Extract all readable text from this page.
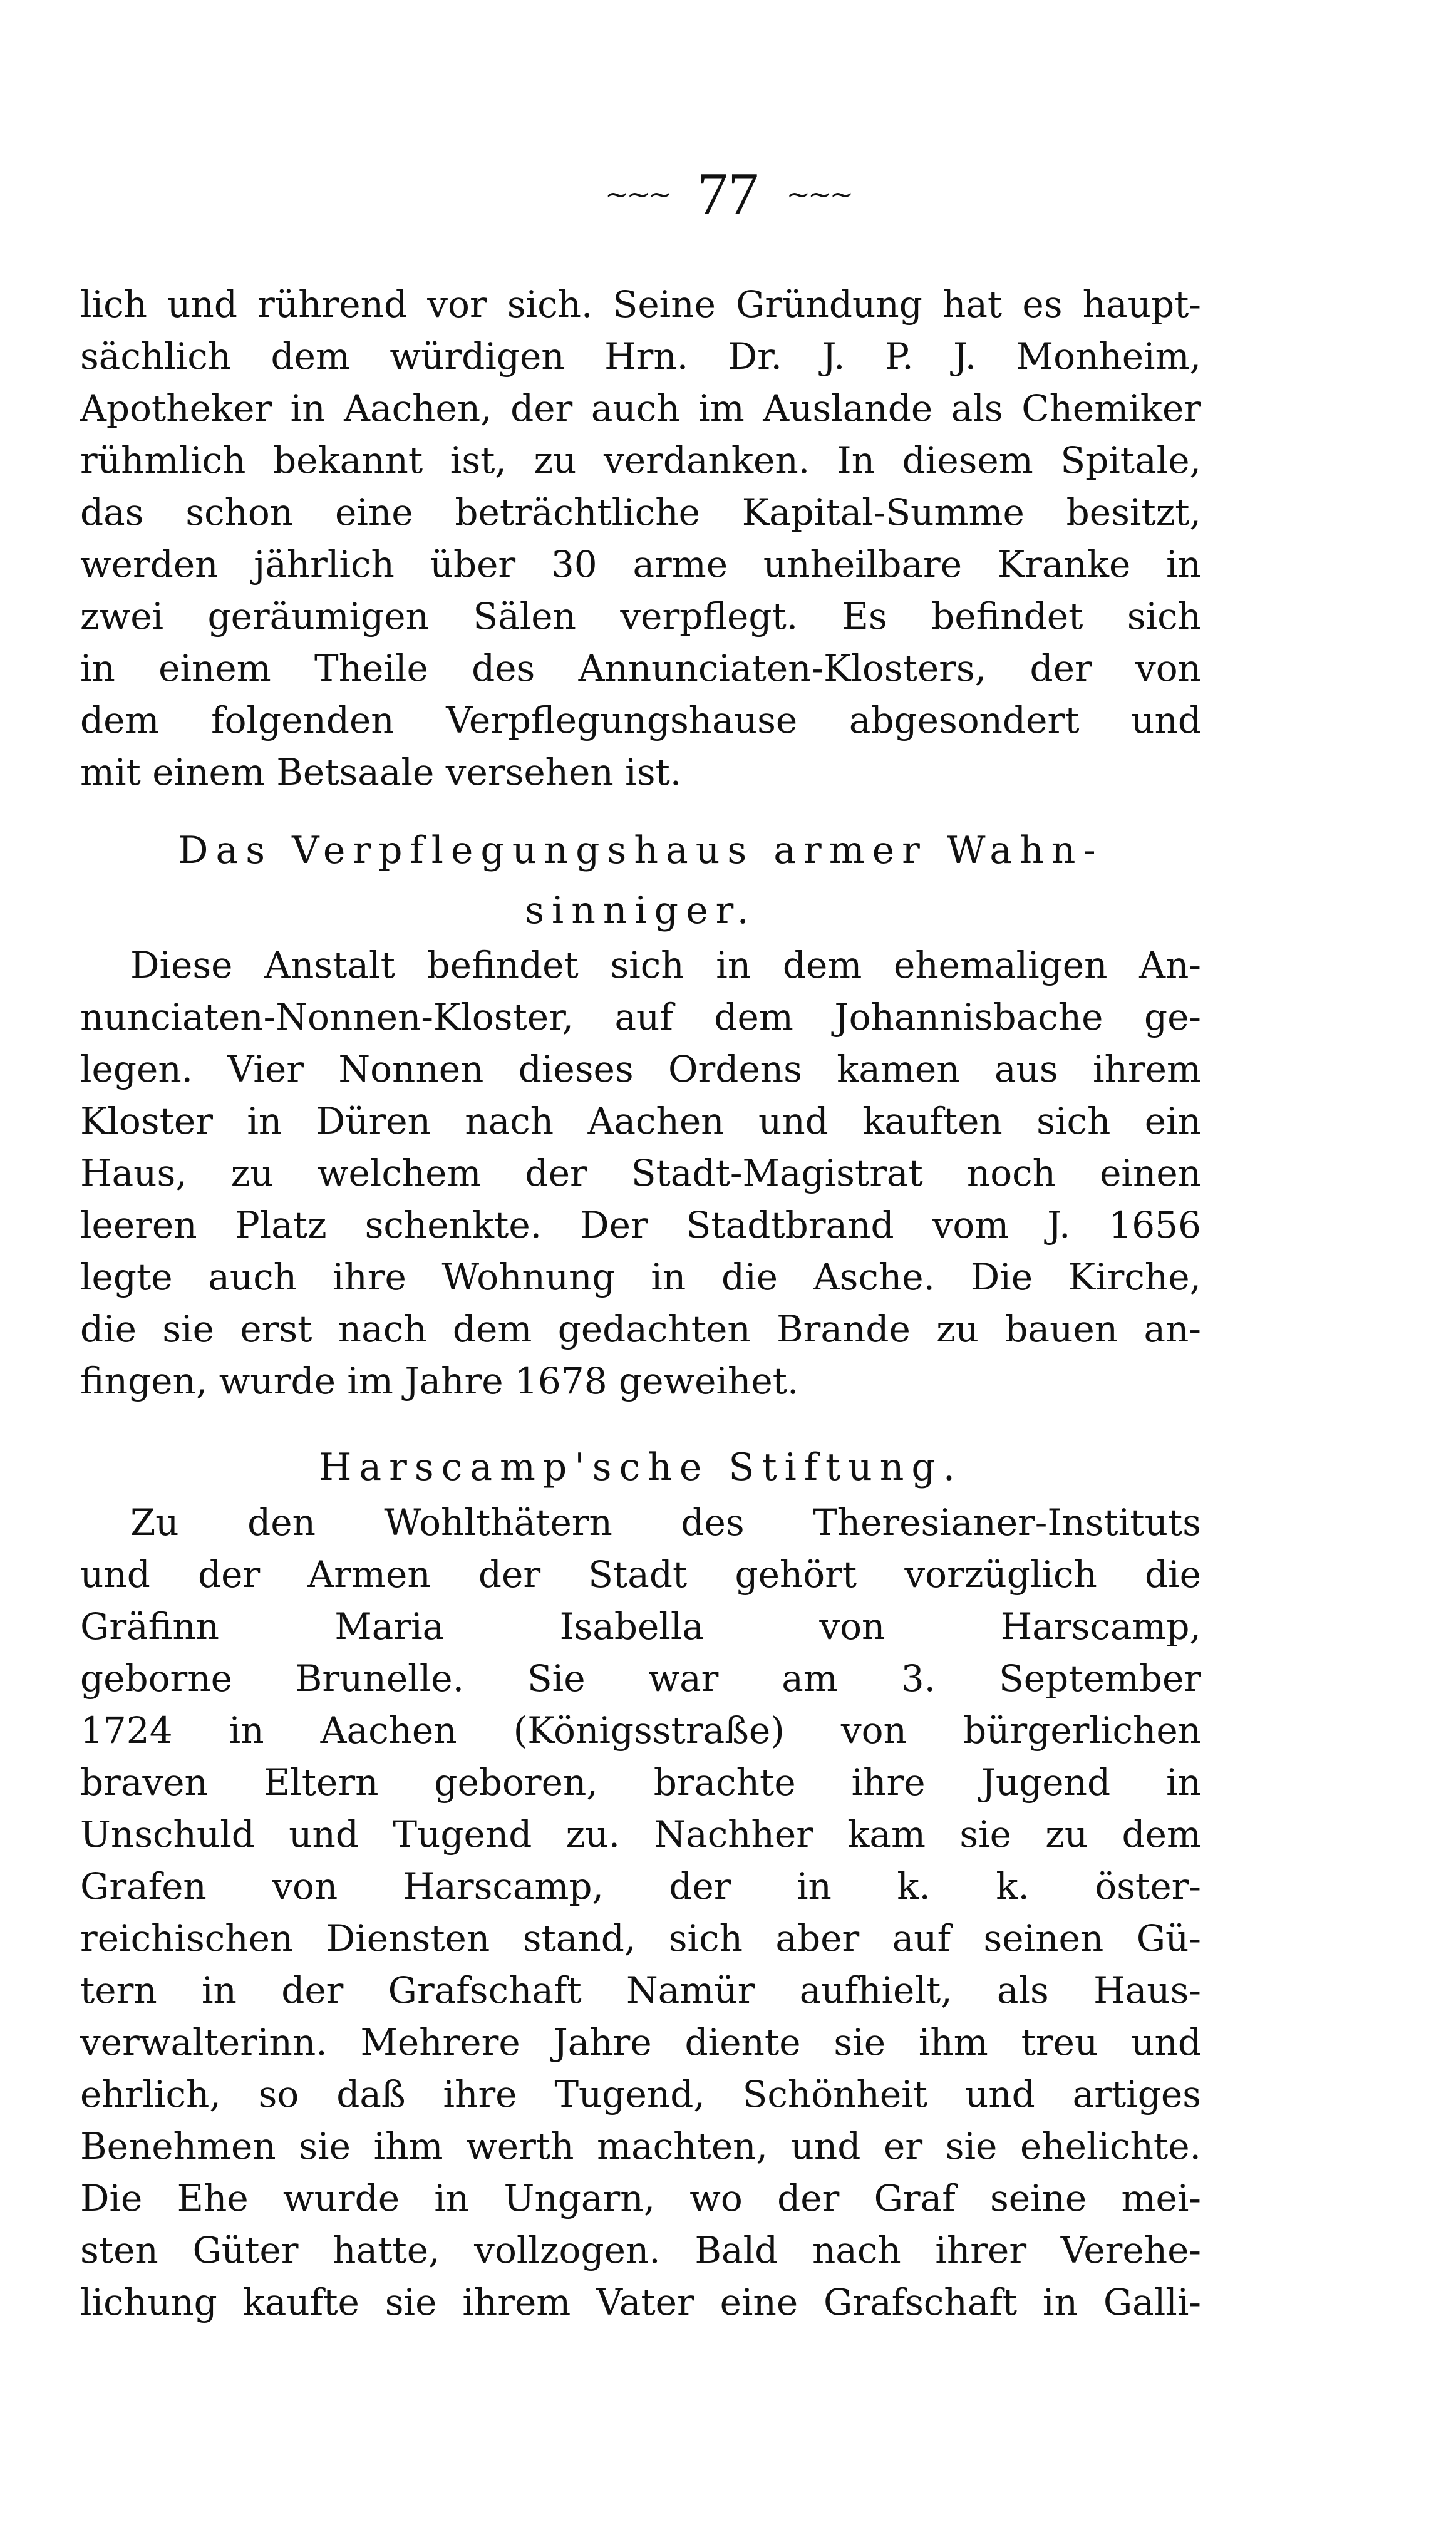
~~~ 77 ~~~
lich und rührend vor sich. Seine Gründung hat es haupt-
sächlich dem würdigen Hrn. Dr. J. P. J. Monheim,
Apotheker in Aachen, der auch im Auslande als Chemiker
rühmlich bekannt ist, zu verdanken. In diesem Spitale,
das schon eine beträchtliche Kapital-Summe besitzt,
werden jährlich über 30 arme unheilbare Kranke in
zwei geräumigen Sälen verpflegt. Es befindet sich
in einem Theile des Annunciaten-Klosters, der von
dem folgenden Verpflegungshause abgesondert und
mit einem Betsaale versehen ist.
Das Verpflegungshaus armer Wahn-
sinniger.
Diese Anstalt befindet sich in dem ehemaligen An-
nunciaten-Nonnen-Kloster, auf dem Johannisbache ge-
legen. Vier Nonnen dieses Ordens kamen aus ihrem
Kloster in Düren nach Aachen und kauften sich ein
Haus, zu welchem der Stadt-Magistrat noch einen
leeren Platz schenkte. Der Stadtbrand vom J. 1656
legte auch ihre Wohnung in die Asche. Die Kirche,
die sie erst nach dem gedachten Brande zu bauen an-
fingen, wurde im Jahre 1678 geweihet.
Harscamp'sche Stiftung.
Zu den Wohlthätern des Theresianer-Instituts
und der Armen der Stadt gehört vorzüglich die
Gräfinn Maria Isabella von Harscamp,
geborne Brunelle. Sie war am 3. September
1724 in Aachen (Königsstraße) von bürgerlichen
braven Eltern geboren, brachte ihre Jugend in
Unschuld und Tugend zu. Nachher kam sie zu dem
Grafen von Harscamp, der in k. k. öster-
reichischen Diensten stand, sich aber auf seinen Gü-
tern in der Grafschaft Namür aufhielt, als Haus-
verwalterinn. Mehrere Jahre diente sie ihm treu und
ehrlich, so daß ihre Tugend, Schönheit und artiges
Benehmen sie ihm werth machten, und er sie ehelichte.
Die Ehe wurde in Ungarn, wo der Graf seine mei-
sten Güter hatte, vollzogen. Bald nach ihrer Verehe-
lichung kaufte sie ihrem Vater eine Grafschaft in Galli-
